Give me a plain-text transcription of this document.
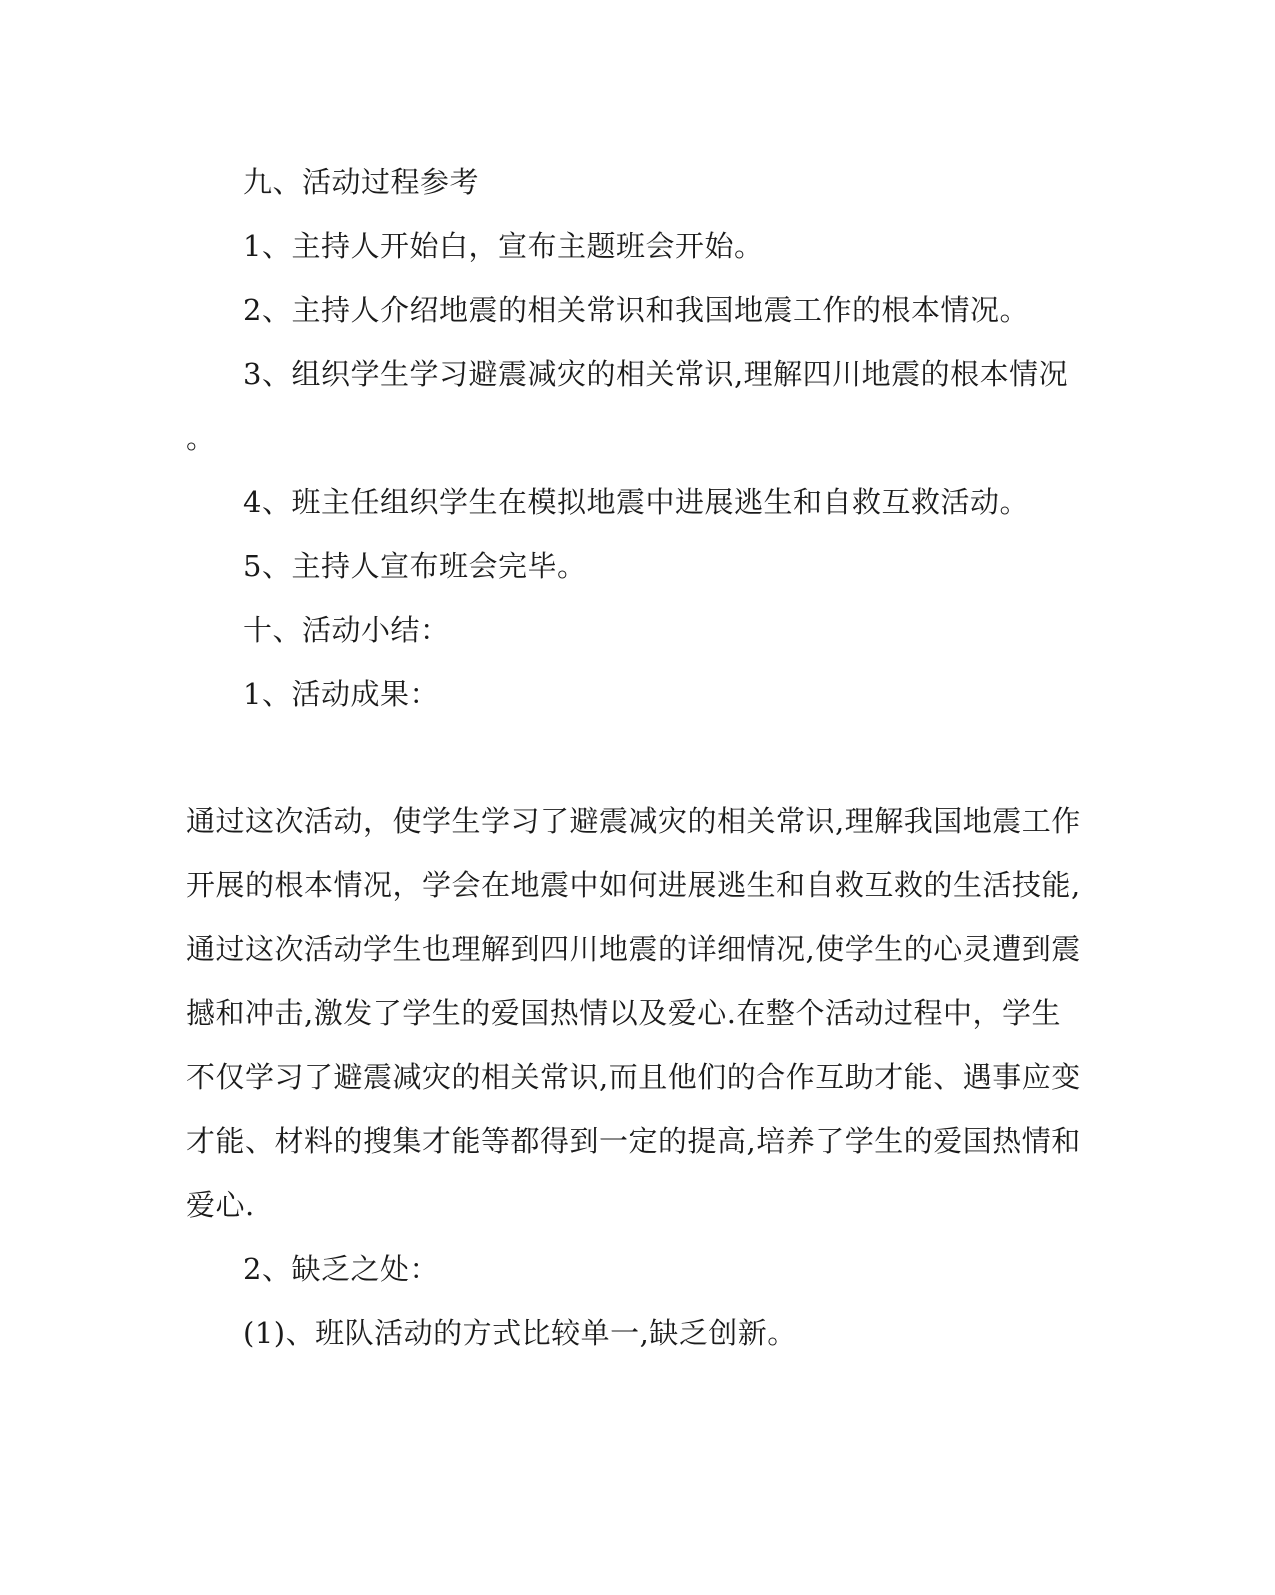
九、活动过程参考
1、主持人开始白，宣布主题班会开始。
2、主持人介绍地震的相关常识和我国地震工作的根本情况。
3、组织学生学习避震减灾的相关常识,理解四川地震的根本情况
。
4、班主任组织学生在模拟地震中进展逃生和自救互救活动。
5、主持人宣布班会完毕。
十、活动小结：
1、活动成果：
通过这次活动，使学生学习了避震减灾的相关常识,理解我国地震工作
开展的根本情况，学会在地震中如何进展逃生和自救互救的生活技能,
通过这次活动学生也理解到四川地震的详细情况,使学生的心灵遭到震
撼和冲击,激发了学生的爱国热情以及爱心.在整个活动过程中，学生
不仅学习了避震减灾的相关常识,而且他们的合作互助才能、遇事应变
才能、材料的搜集才能等都得到一定的提高,培养了学生的爱国热情和
爱心.
2、缺乏之处：
(1)、班队活动的方式比较单一,缺乏创新。
